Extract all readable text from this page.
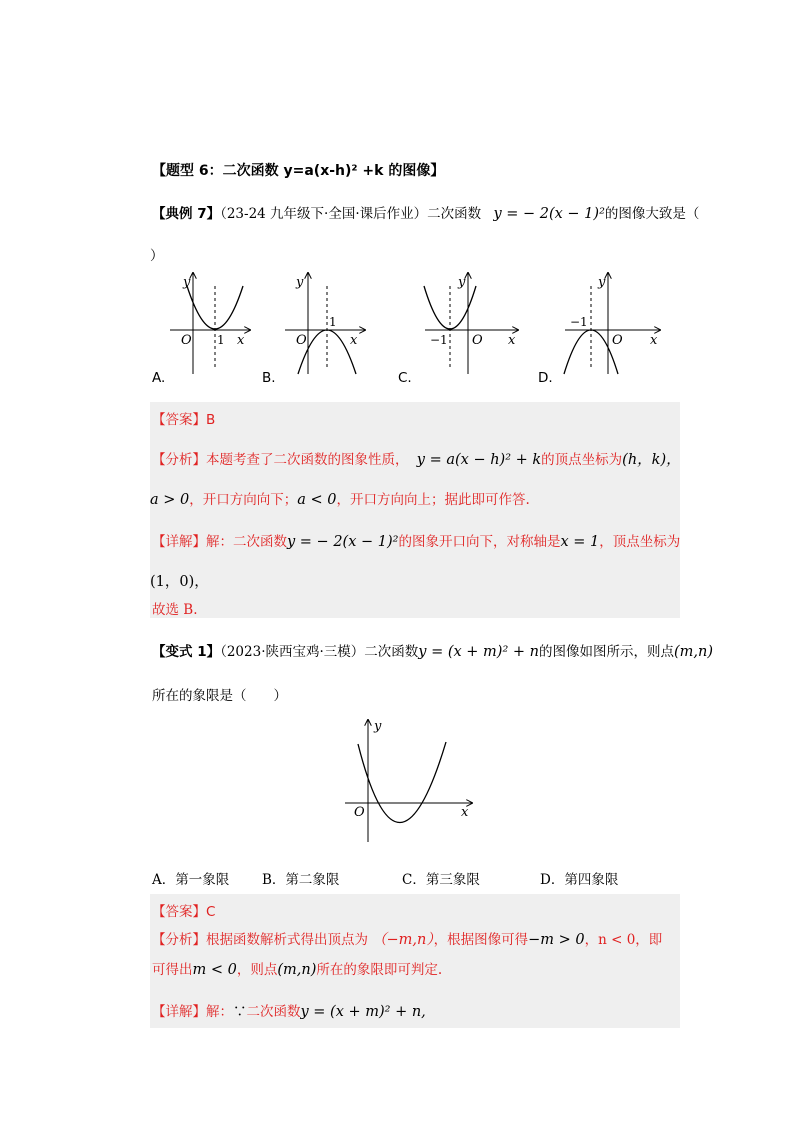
【题型 6：二次函数 y=a(x-h)² +k 的图像】
【典例 7】（23-24 九年级下·全国·课后作业）二次函数 y = − 2(x − 1)²的图像大致是（
）
O 1 x
y
O
1
x
y
−1 O x
y
−1
O x
y
A.	B.	C.	D.
【答案】B
【分析】本题考查了二次函数的图象性质， y = a(x − h)² + k的顶点坐标为(h，k)，
a > 0，开口方向向下；a < 0，开口方向向上；据此即可作答.
【详解】解：二次函数y = − 2(x − 1)²的图象开口向下，对称轴是x = 1，顶点坐标为
(1，0)，
故选 B.
【变式 1】（2023·陕西宝鸡·三模）二次函数y = (x + m)² + n的图像如图所示，则点(m,n)
所在的象限是（　　）
O	x
y
A．第一象限 B．第二象限	C．第三象限	D．第四象限
【答案】C
【分析】根据函数解析式得出顶点为 （−m,n），根据图像可得−m > 0，n < 0，即
可得出m < 0，则点(m,n)所在的象限即可判定.
【详解】解：∵二次函数y = (x + m)² + n,
